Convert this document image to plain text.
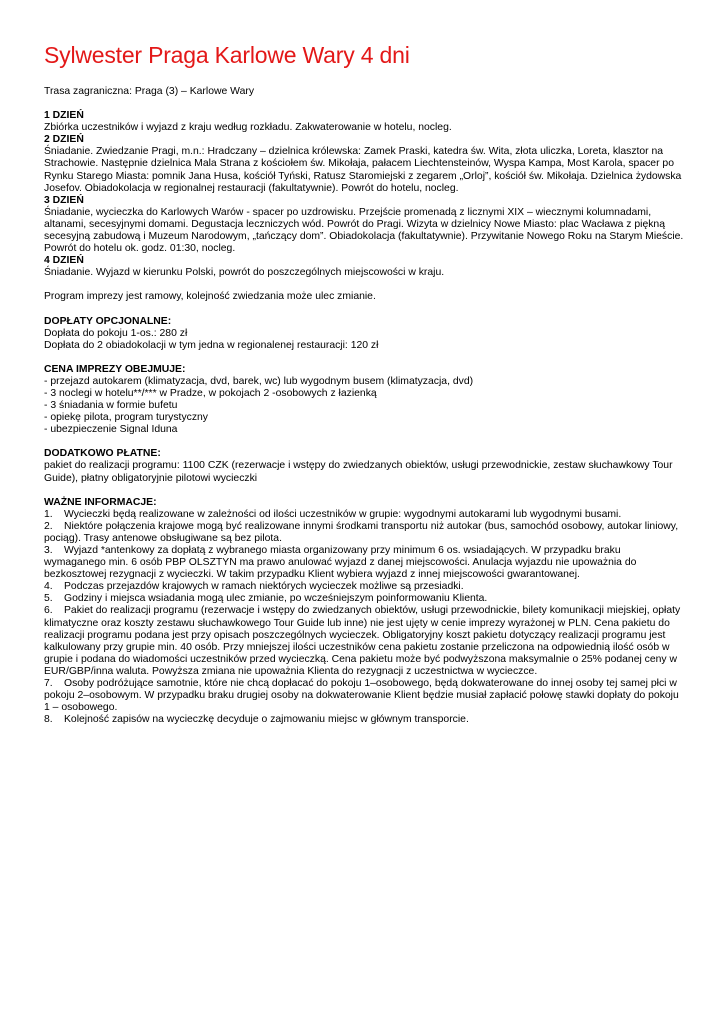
Sylwester Praga Karlowe Wary 4 dni

Trasa zagraniczna: Praga (3) – Karlowe Wary

1 DZIEŃ

Zbiórka uczestników i wyjazd z kraju według rozkładu. Zakwaterowanie w hotelu, nocleg.

2 DZIEŃ

Śniadanie. Zwiedzanie Pragi, m.n.: Hradczany – dzielnica królewska: Zamek Praski, katedra św. Wita, złota uliczka, Loreta, klasztor na Strachowie. Następnie dzielnica Mala Strana z kościołem św. Mikołaja, pałacem Liechtensteinów, Wyspa Kampa, Most Karola, spacer po Rynku Starego Miasta: pomnik Jana Husa, kościół Tyński, Ratusz Staromiejski z zegarem „Orloj”, kościół św. Mikołaja. Dzielnica żydowska Josefov. Obiadokolacja w regionalnej restauracji (fakultatywnie). Powrót do hotelu, nocleg.

3 DZIEŃ

Śniadanie, wycieczka do Karlowych Warów - spacer po uzdrowisku. Przejście promenadą z licznymi XIX – wiecznymi kolumnadami, altanami, secesyjnymi domami. Degustacja leczniczych wód. Powrót do Pragi. Wizyta w dzielnicy Nowe Miasto: plac Wacława z piękną secesyjną zabudową i Muzeum Narodowym, „tańczący dom”. Obiadokolacja (fakultatywnie). Przywitanie Nowego Roku na Starym Mieście. Powrót do hotelu ok. godz. 01:30, nocleg.

4 DZIEŃ

Śniadanie. Wyjazd w kierunku Polski, powrót do poszczególnych miejscowości w kraju.

Program imprezy jest ramowy, kolejność zwiedzania może ulec zmianie.

DOPŁATY OPCJONALNE:

Dopłata do pokoju 1-os.: 280 zł

Dopłata do 2 obiadokolacji w tym jedna w regionalenej restauracji: 120 zł

CENA IMPREZY OBEJMUJE:

- przejazd autokarem (klimatyzacja, dvd, barek, wc) lub wygodnym busem (klimatyzacja, dvd)

- 3 noclegi w hotelu**/*** w Pradze, w pokojach 2 -osobowych z łazienką

- 3 śniadania w formie bufetu

- opiekę pilota, program turystyczny

- ubezpieczenie Signal Iduna

DODATKOWO PŁATNE:

pakiet do realizacji programu: 1100 CZK (rezerwacje i wstępy do zwiedzanych obiektów, usługi przewodnickie, zestaw słuchawkowy Tour Guide), płatny obligatoryjnie pilotowi wycieczki

WAŻNE INFORMACJE:

1. Wycieczki będą realizowane w zależności od ilości uczestników w grupie: wygodnymi autokarami lub wygodnymi busami.
2. Niektóre połączenia krajowe mogą być realizowane innymi środkami transportu niż autokar (bus, samochód osobowy, autokar liniowy, pociąg). Trasy antenowe obsługiwane są bez pilota.
3. Wyjazd *antenkowy za dopłatą z wybranego miasta organizowany przy minimum 6 os. wsiadających. W przypadku braku wymaganego min. 6 osób PBP OLSZTYN ma prawo anulować wyjazd z danej miejscowości. Anulacja wyjazdu nie upoważnia do bezkosztowej rezygnacji z wycieczki. W takim przypadku Klient wybiera wyjazd z innej miejscowości gwarantowanej.
4. Podczas przejazdów krajowych w ramach niektórych wycieczek możliwe są przesiadki.
5. Godziny i miejsca wsiadania mogą ulec zmianie, po wcześniejszym poinformowaniu Klienta.
6. Pakiet do realizacji programu (rezerwacje i wstępy do zwiedzanych obiektów, usługi przewodnickie, bilety komunikacji miejskiej, opłaty klimatyczne oraz koszty zestawu słuchawkowego Tour Guide lub inne) nie jest ujęty w cenie imprezy wyrażonej w PLN. Cena pakietu do realizacji programu podana jest przy opisach poszczególnych wycieczek. Obligatoryjny koszt pakietu dotyczący realizacji programu jest kalkulowany przy grupie min. 40 osób. Przy mniejszej ilości uczestników cena pakietu zostanie przeliczona na odpowiednią ilość osób w grupie i podana do wiadomości uczestników przed wycieczką. Cena pakietu może być podwyższona maksymalnie o 25% podanej ceny w EUR/GBP/inna waluta. Powyższa zmiana nie upoważnia Klienta do rezygnacji z uczestnictwa w wycieczce.
7. Osoby podróżujące samotnie, które nie chcą dopłacać do pokoju 1–osobowego, będą dokwaterowane do innej osoby tej samej płci w pokoju 2–osobowym. W przypadku braku drugiej osoby na dokwaterowanie Klient będzie musiał zapłacić połowę stawki dopłaty do pokoju 1 – osobowego.
8. Kolejność zapisów na wycieczkę decyduje o zajmowaniu miejsc w głównym transporcie.
